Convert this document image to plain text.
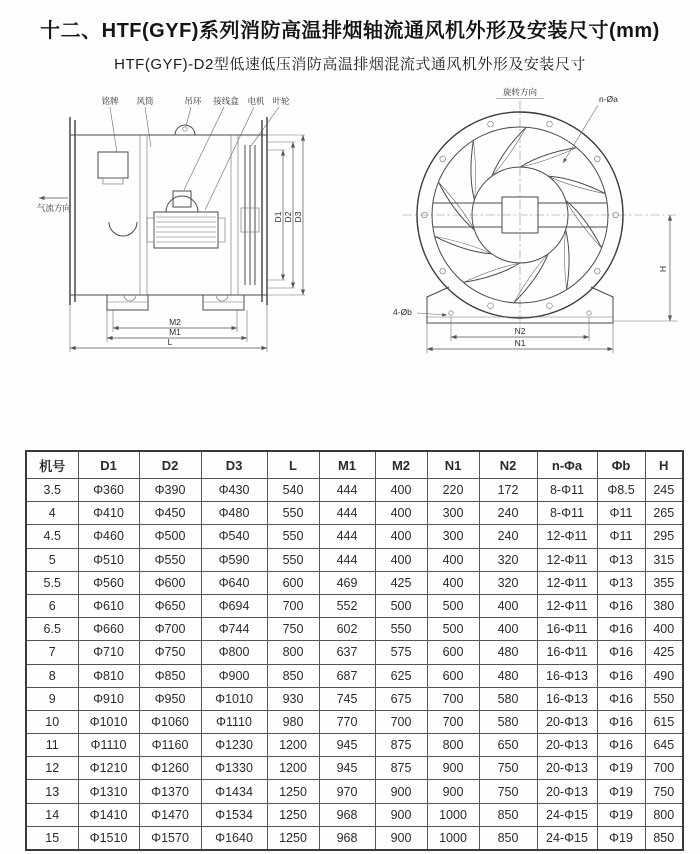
十二、HTF(GYF)系列消防高温排烟轴流通风机外形及安装尺寸(mm)
HTF(GYF)-D2型低速低压消防高温排烟混流式通风机外形及安装尺寸
铭牌 风筒	吊环 接线盒 电机 叶轮
气流方向
M2
M1
L
D1 D2 D3
旋转方向
n-Øa
4-Øb
N2
N1
H
机号	D1	D2	D3	L	M1	M2	N1	N2	n-Φa	Φb	H
3.5	Φ360	Φ390	Φ430	540	444	400	220	172	8-Φ11	Φ8.5	245
4	Φ410	Φ450	Φ480	550	444	400	300	240	8-Φ11	Φ11	265
4.5	Φ460	Φ500	Φ540	550	444	400	300	240	12-Φ11	Φ11	295
5	Φ510	Φ550	Φ590	550	444	400	400	320	12-Φ11	Φ13	315
5.5	Φ560	Φ600	Φ640	600	469	425	400	320	12-Φ11	Φ13	355
6	Φ610	Φ650	Φ694	700	552	500	500	400	12-Φ11	Φ16	380
6.5	Φ660	Φ700	Φ744	750	602	550	500	400	16-Φ11	Φ16	400
7	Φ710	Φ750	Φ800	800	637	575	600	480	16-Φ11	Φ16	425
8	Φ810	Φ850	Φ900	850	687	625	600	480	16-Φ13	Φ16	490
9	Φ910	Φ950	Φ1010	930	745	675	700	580	16-Φ13	Φ16	550
10	Φ1010	Φ1060	Φ1110	980	770	700	700	580	20-Φ13	Φ16	615
11	Φ1110	Φ1160	Φ1230	1200	945	875	800	650	20-Φ13	Φ16	645
12	Φ1210	Φ1260	Φ1330	1200	945	875	900	750	20-Φ13	Φ19	700
13	Φ1310	Φ1370	Φ1434	1250	970	900	900	750	20-Φ13	Φ19	750
14	Φ1410	Φ1470	Φ1534	1250	968	900	1000	850	24-Φ15	Φ19	800
15	Φ1510	Φ1570	Φ1640	1250	968	900	1000	850	24-Φ15	Φ19	850
